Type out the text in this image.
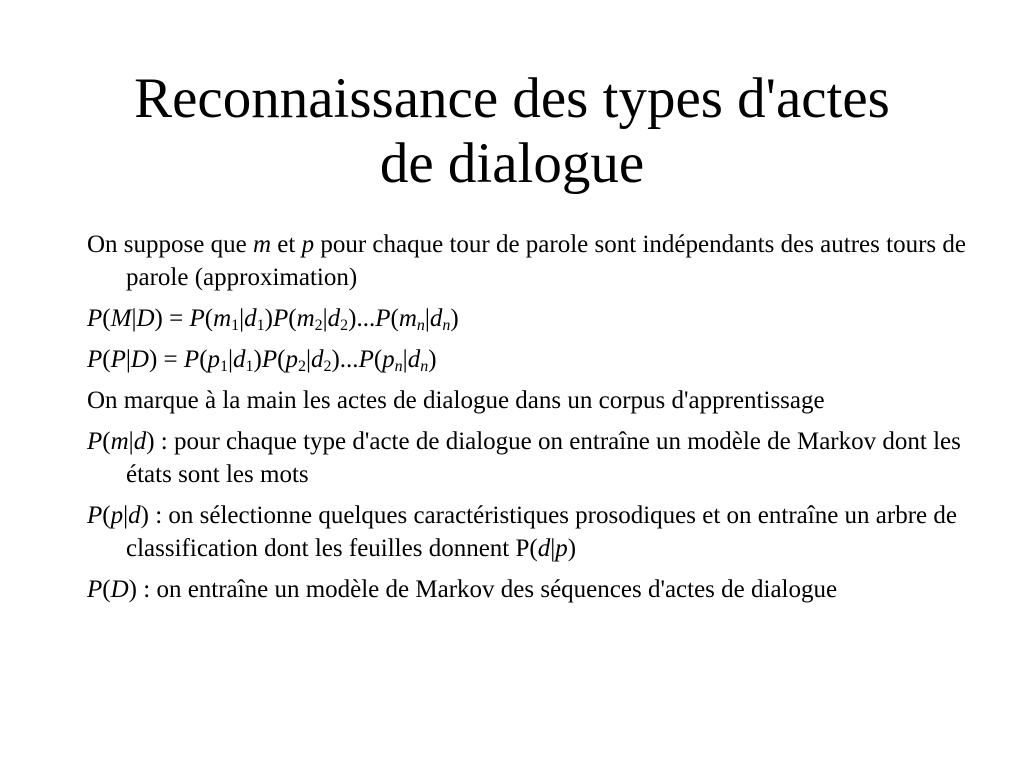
Reconnaissance des types d'actes
de dialogue

On suppose que m et p pour chaque tour de parole sont indépendants des autres tours de parole (approximation)

$P(M|D) = P(m_1|d_1)P(m_2|d_2)...P(m_n|d_n)$

$P(P|D) = P(p_1|d_1)P(p_2|d_2)...P(p_n|d_n)$

On marque à la main les actes de dialogue dans un corpus d'apprentissage

P(m|d) : pour chaque type d'acte de dialogue on entraîne un modèle de Markov dont les états sont les mots

P(p|d) : on sélectionne quelques caractéristiques prosodiques et on entraîne un arbre de classification dont les feuilles donnent P(d|p)

P(D) : on entraîne un modèle de Markov des séquences d'actes de dialogue
